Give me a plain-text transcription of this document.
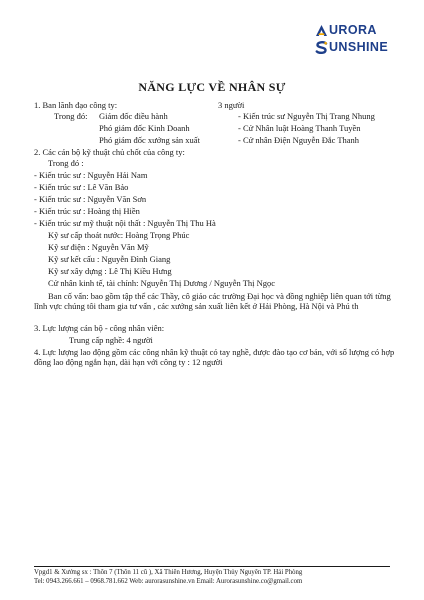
URORA
UNSHINE
NĂNG LỰC VỀ NHÂN SỰ
1. Ban lãnh đạo công ty:	3 người
Trong đó: Giám đốc điều hành	- Kiến trúc sư Nguyễn Thị Trang Nhung
Phó giám đốc Kinh Doanh	- Cử Nhân luật Hoàng Thanh Tuyền
Phó giám đốc xưởng sản xuất	- Cử nhân Điện Nguyễn Đắc Thanh
2. Các cán bộ kỹ thuật chủ chốt của công ty:
Trong đó :
- Kiến trúc sư : Nguyễn Hải Nam
- Kiến trúc sư : Lê Văn Bảo
- Kiến trúc sư : Nguyễn Văn Sơn
- Kiến trúc sư : Hoàng thị Hiền
- Kiến trúc sư mỹ thuật nội thất : Nguyễn Thị Thu Hà
Kỹ sư cấp thoát nước: Hoàng Trọng Phúc
Kỹ sư điện : Nguyễn Văn Mỹ
Kỹ sư kết cấu : Nguyễn Đình Giang
Kỹ sư xây dựng : Lê Thị Kiều Hưng
Cử nhân kinh tế, tài chính: Nguyễn Thị Dương / Nguyễn Thị Ngọc
Ban cố vấn: bao gồm tập thể các Thầy, cô giáo các trường Đại học và đồng nghiệp liên quan tới từng lĩnh vực chúng tôi tham gia tư vấn , các xưởng sản xuất liên kết ở Hải Phòng, Hà Nội và Phú th
3. Lực lượng cán bộ - công nhân viên:
Trung cấp nghề: 4 người
4. Lực lượng lao động gồm các công nhân kỹ thuật có tay nghề, được đào tạo cơ bản, với số lượng có hợp đồng lao động ngắn hạn, dài hạn với công ty : 12 người
Vpgd1 & Xưởng sx : Thôn 7 (Thôn 11 cũ ), Xã Thiên Hương, Huyện Thủy Nguyên TP. Hải Phòng
Tel: 0943.266.661 – 0968.781.662 Web: aurorasunshine.vn Email: Aurorasunshine.co@gmail.com
